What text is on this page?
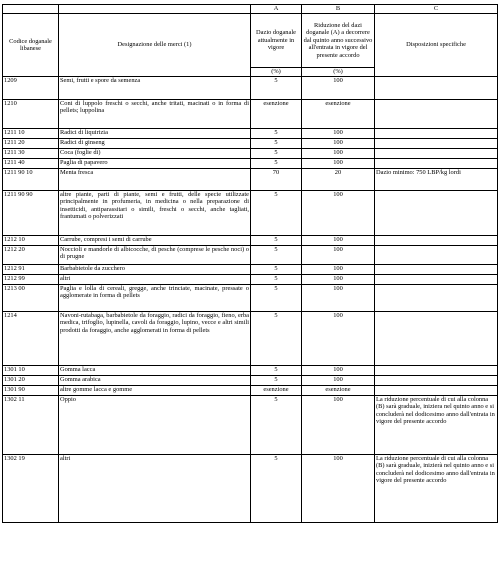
		A	B	C
Codice doganale libanese	Designazione delle merci (1)	Dazio doganale attualmente in vigore	Riduzione del dazi doganale (A) a decorrere dal quinto anno successivo all'entrata in vigore del presente accordo	Disposizioni specifiche
		(%)	(%)	
1209	Semi, frutti e spore da semenza	5	100	
1210	Coni di luppolo freschi o secchi, anche tritati, macinati o in forma di pellets; luppolina	esenzione	esenzione	
1211 10	Radici di liquirizia	5	100	
1211 20	Radici di ginseng	5	100	
1211 30	Coca (foglie di)	5	100	
1211 40	Paglia di papavero	5	100	
1211 90 10	Menta fresca	70	20	Dazio minimo: 750 LBP/kg lordi
1211 90 90	altre piante, parti di piante, semi e frutti, delle specie utilizzate principalmente in profumeria, in medicina o nella preparazione di insetticidi, antiparassitari o simili, freschi o secchi, anche tagliati, frantumati o polverizzati	5	100	
1212 10	Carrube, compresi i semi di carrube	5	100	
1212 20	Noccioli e mandorle di albicocche, di pesche (comprese le pesche noci) o di prugne	5	100	
1212 91	Barbabietole da zucchero	5	100	
1212 99	altri	5	100	
1213 00	Paglia e lolla di cereali, gregge, anche trinciate, macinate, pressate o agglomerate in forma di pellets	5	100	
1214	Navoni-rutabaga, barbabietole da foraggio, radici da foraggio, fieno, erba medica, trifoglio, lupinella, cavoli da foraggio, lupino, vecce e altri simili prodotti da foraggio, anche agglomerati in forma di pellets	5	100	
1301 10	Gomma lacca	5	100	
1301 20	Gomma arabica	5	100	
1301 90	altre gomme lacca e gomme	esenzione	esenzione	
1302 11	Oppio	5	100	La riduzione percentuale di cui alla colonna (B) sarà graduale, iniziera nel quinto anno e si concluderà nel dodicesimo anno dall'entrata in vigore del presente accordo
1302 19	altri	5	100	La riduzione percentuale di cui alla colonna (B) sarà graduale, inizierà nel quinto anno e si concluderà nel dodicesimo anno dall'entrata in vigore del presente accordo
